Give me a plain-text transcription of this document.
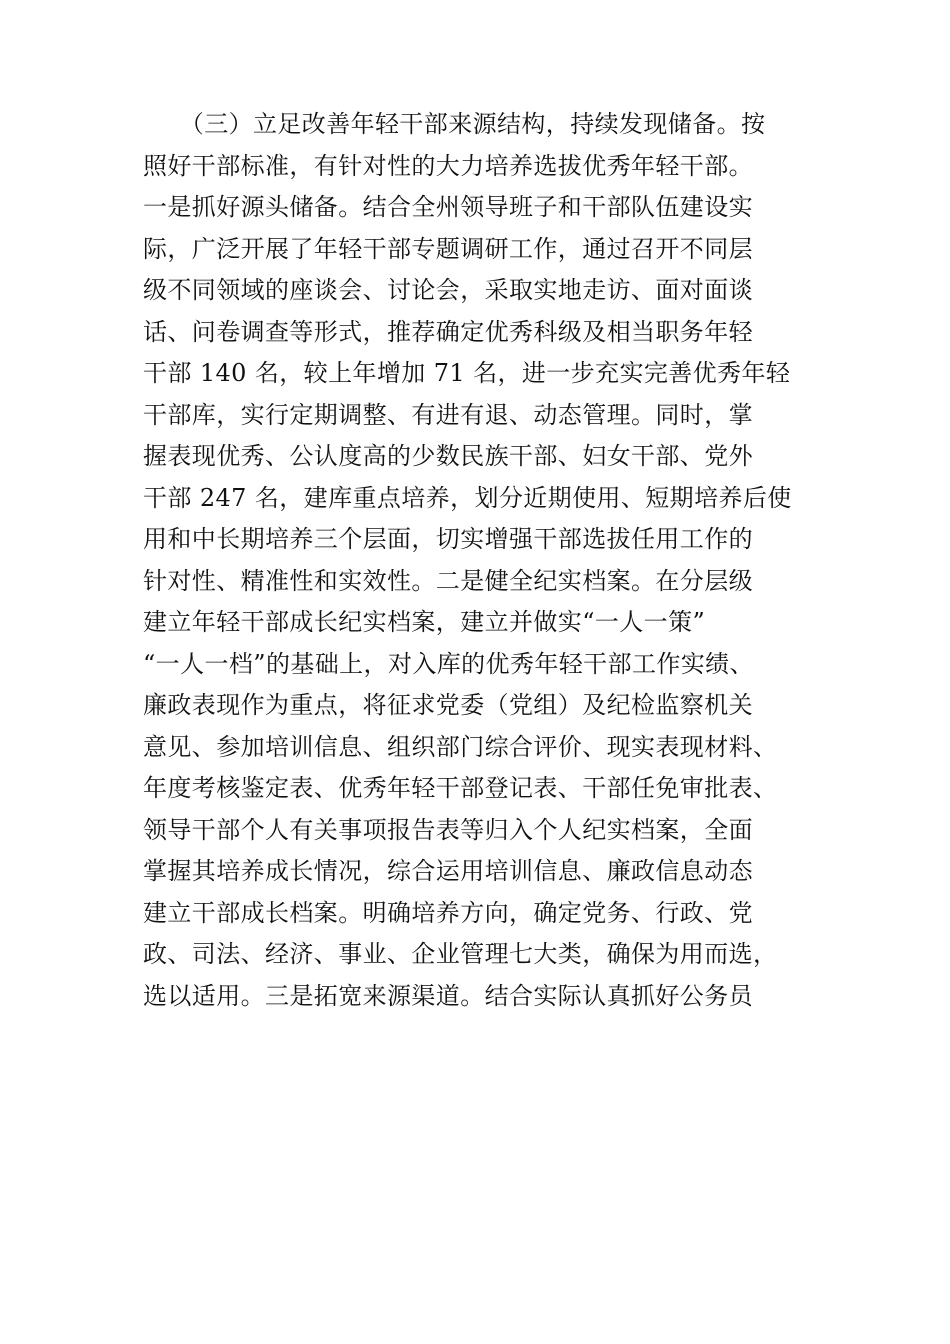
　　（三）立足改善年轻干部来源结构，持续发现储备。按
照好干部标准，有针对性的大力培养选拔优秀年轻干部。
一是抓好源头储备。结合全州领导班子和干部队伍建设实
际，广泛开展了年轻干部专题调研工作，通过召开不同层
级不同领域的座谈会、讨论会，采取实地走访、面对面谈
话、问卷调查等形式，推荐确定优秀科级及相当职务年轻
干部 140 名，较上年增加 71 名，进一步充实完善优秀年轻
干部库，实行定期调整、有进有退、动态管理。同时，掌
握表现优秀、公认度高的少数民族干部、妇女干部、党外
干部 247 名，建库重点培养，划分近期使用、短期培养后使
用和中长期培养三个层面，切实增强干部选拔任用工作的
针对性、精准性和实效性。二是健全纪实档案。在分层级
建立年轻干部成长纪实档案，建立并做实“一人一策”
“一人一档”的基础上，对入库的优秀年轻干部工作实绩、
廉政表现作为重点，将征求党委（党组）及纪检监察机关
意见、参加培训信息、组织部门综合评价、现实表现材料、
年度考核鉴定表、优秀年轻干部登记表、干部任免审批表、
领导干部个人有关事项报告表等归入个人纪实档案，全面
掌握其培养成长情况，综合运用培训信息、廉政信息动态
建立干部成长档案。明确培养方向，确定党务、行政、党
政、司法、经济、事业、企业管理七大类，确保为用而选，
选以适用。三是拓宽来源渠道。结合实际认真抓好公务员
